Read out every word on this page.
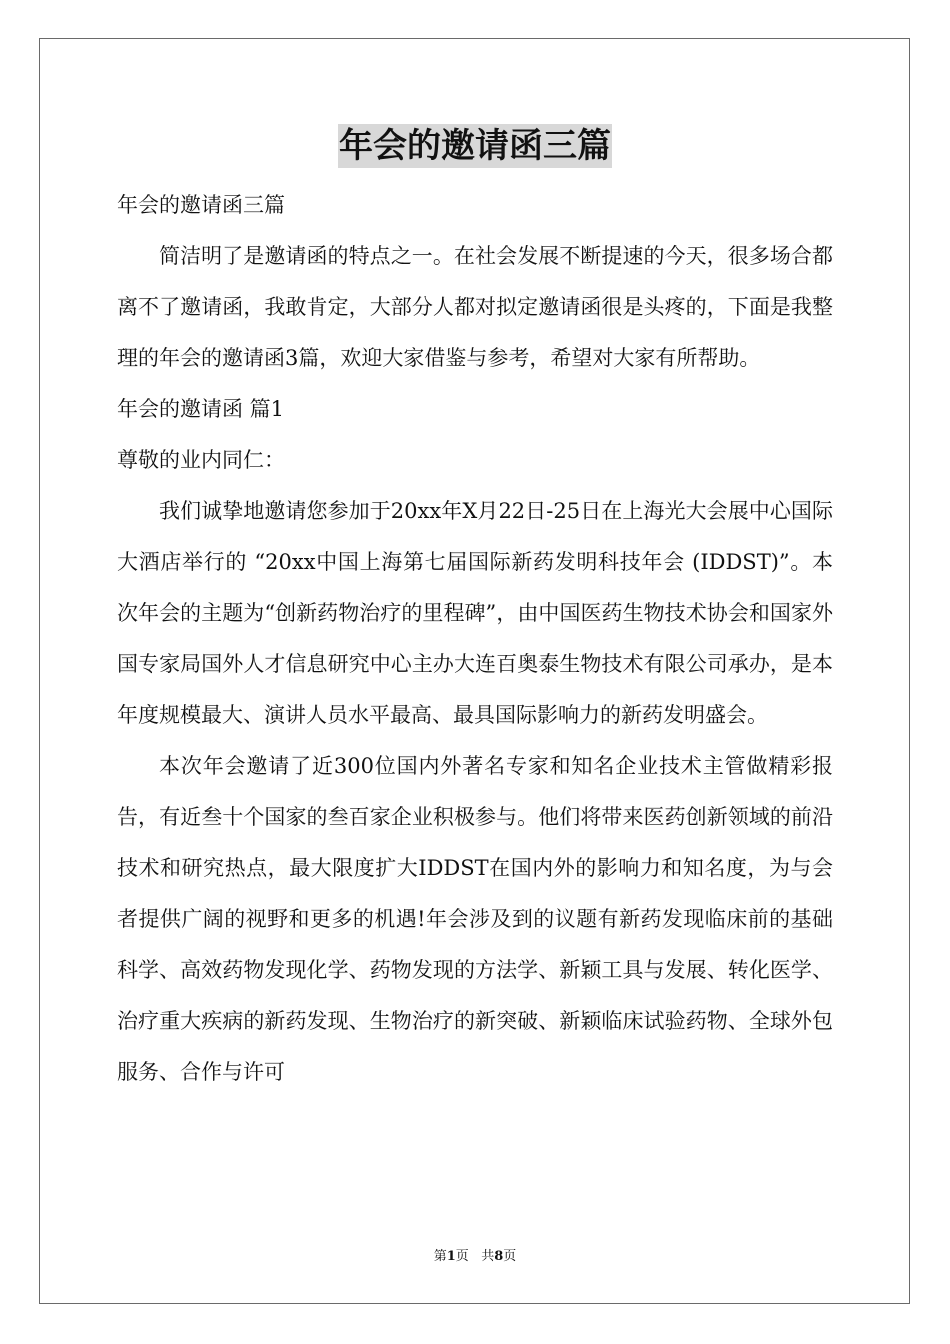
年会的邀请函三篇

年会的邀请函三篇

简洁明了是邀请函的特点之一。在社会发展不断提速的今天，很多场合都离不了邀请函，我敢肯定，大部分人都对拟定邀请函很是头疼的，下面是我整理的年会的邀请函3篇，欢迎大家借鉴与参考，希望对大家有所帮助。

年会的邀请函 篇1

尊敬的业内同仁：

我们诚挚地邀请您参加于20xx年X月22日-25日在上海光大会展中心国际大酒店举行的 “20xx中国上海第七届国际新药发明科技年会 (IDDST)”。本次年会的主题为“创新药物治疗的里程碑”，由中国医药生物技术协会和国家外国专家局国外人才信息研究中心主办大连百奥泰生物技术有限公司承办，是本年度规模最大、演讲人员水平最高、最具国际影响力的新药发明盛会。

本次年会邀请了近300位国内外著名专家和知名企业技术主管做精彩报告，有近叁十个国家的叁百家企业积极参与。他们将带来医药创新领域的前沿技术和研究热点，最大限度扩大IDDST在国内外的影响力和知名度，为与会者提供广阔的视野和更多的机遇!年会涉及到的议题有新药发现临床前的基础科学、高效药物发现化学、药物发现的方法学、新颖工具与发展、转化医学、治疗重大疾病的新药发现、生物治疗的新突破、新颖临床试验药物、全球外包服务、合作与许可

第1页 共8页
